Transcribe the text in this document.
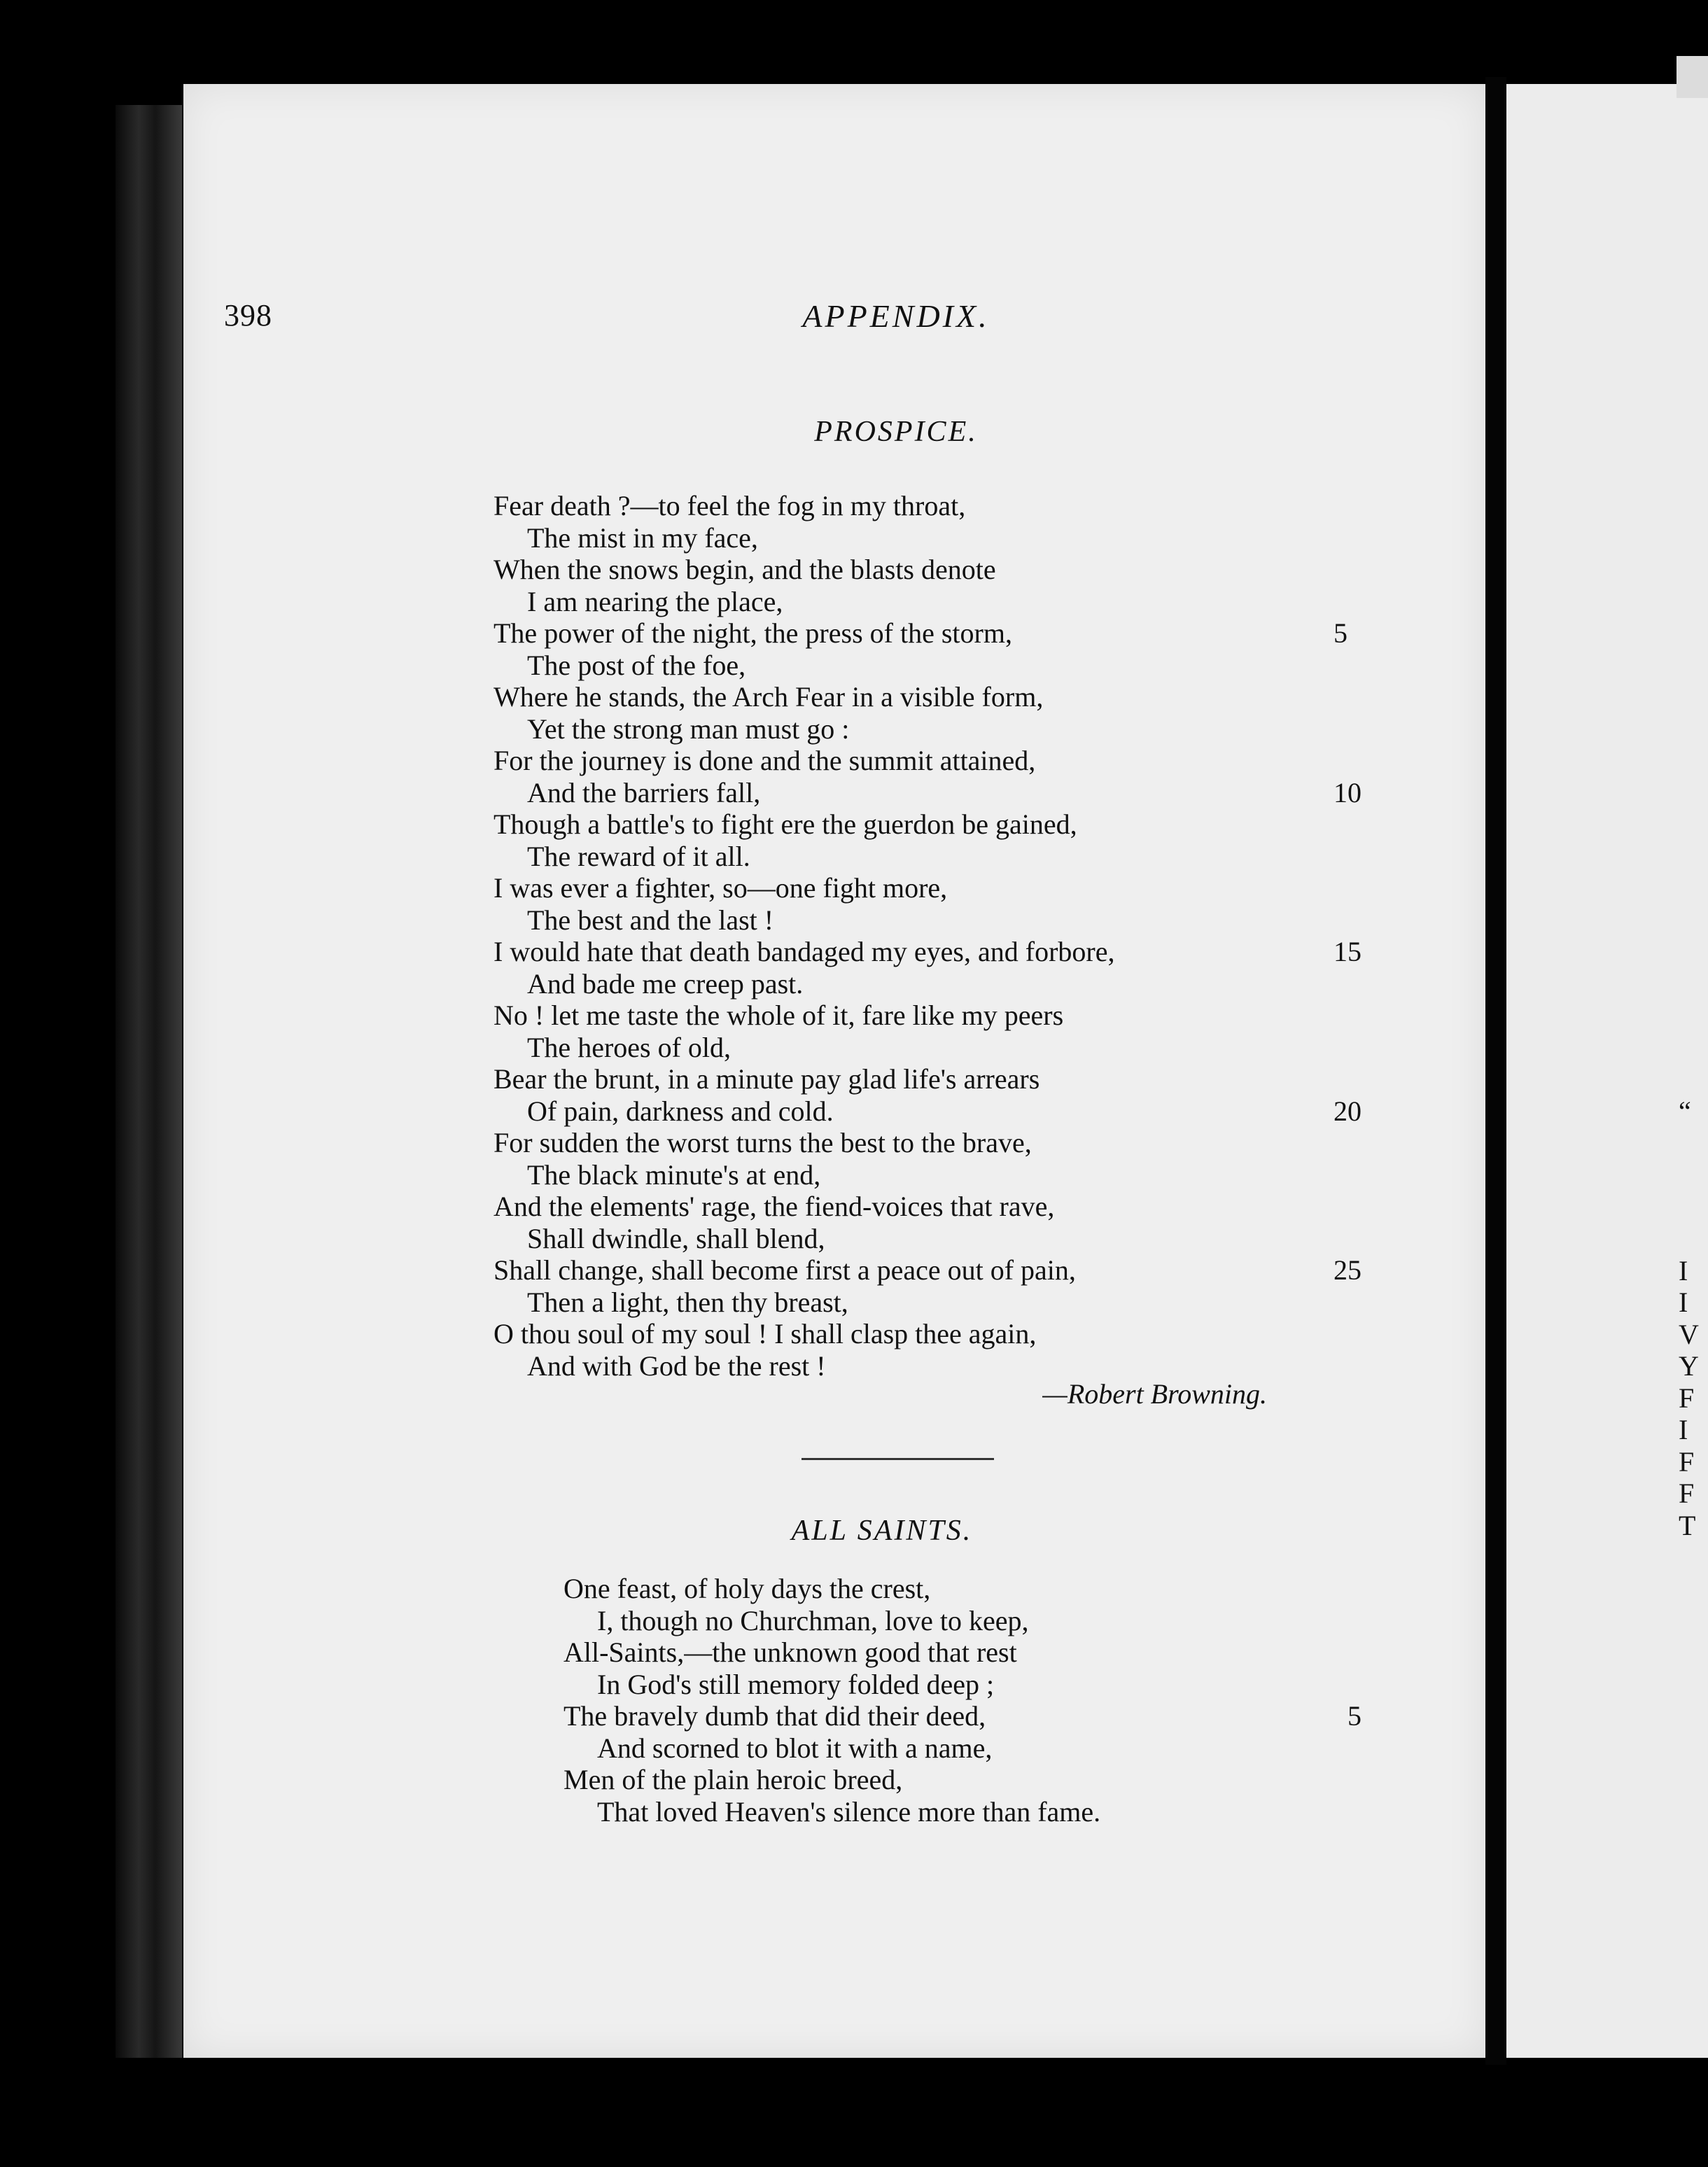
398	APPENDIX.
PROSPICE.
Fear death ?—to feel the fog in my throat,
The mist in my face,
When the snows begin, and the blasts denote
I am nearing the place,
The power of the night, the press of the storm,	5
The post of the foe,
Where he stands, the Arch Fear in a visible form,
Yet the strong man must go :
For the journey is done and the summit attained,
And the barriers fall,	10
Though a battle's to fight ere the guerdon be gained,
The reward of it all.
I was ever a fighter, so—one fight more,
The best and the last !
I would hate that death bandaged my eyes, and forbore,	15
And bade me creep past.
No ! let me taste the whole of it, fare like my peers
The heroes of old,
Bear the brunt, in a minute pay glad life's arrears
Of pain, darkness and cold.	20
For sudden the worst turns the best to the brave,
The black minute's at end,
And the elements' rage, the fiend-voices that rave,
Shall dwindle, shall blend,
Shall change, shall become first a peace out of pain,	25
Then a light, then thy breast,
O thou soul of my soul ! I shall clasp thee again,
And with God be the rest !
—Robert Browning.
ALL SAINTS.
One feast, of holy days the crest,
I, though no Churchman, love to keep,
All-Saints,—the unknown good that rest
In God's still memory folded deep ;
The bravely dumb that did their deed,	5
And scorned to blot it with a name,
Men of the plain heroic breed,
That loved Heaven's silence more than fame.
“
I
I
V
Y
F
I
F
F
T
